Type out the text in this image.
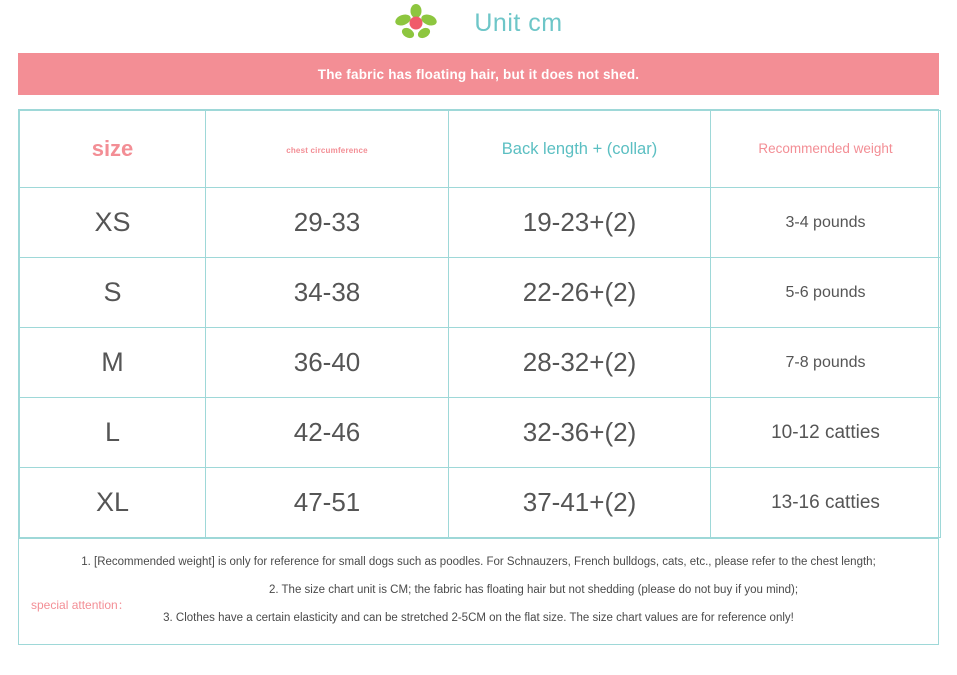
Unit cm
The fabric has floating hair, but it does not shed.
size	chest circumference	Back length + (collar)	Recommended weight
XS	29-33	19-23+(2)	3-4 pounds
S	34-38	22-26+(2)	5-6 pounds
M	36-40	28-32+(2)	7-8 pounds
L	42-46	32-36+(2)	10-12 catties
XL	47-51	37-41+(2)	13-16 catties
1. [Recommended weight] is only for reference for small dogs such as poodles. For Schnauzers, French bulldogs, cats, etc., please refer to the chest length;
2. The size chart unit is CM; the fabric has floating hair but not shedding (please do not buy if you mind);
3. Clothes have a certain elasticity and can be stretched 2-5CM on the flat size. The size chart values are for reference only!
special attention：
